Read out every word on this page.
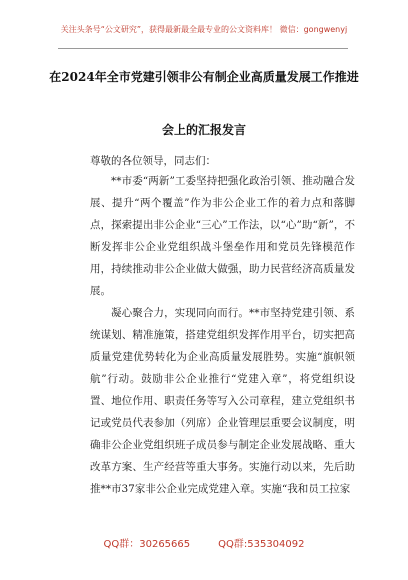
关注头条号“公文研究”，获得最新最全最专业的公文资料库！ 微信：gongwenyj
在2024年全市党建引领非公有制企业高质量发展工作推进
会上的汇报发言
尊敬的各位领导，同志们：

**市委“两新”工委坚持把强化政治引领、推动融合发展、提升“两个覆盖”作为非公企业工作的着力点和落脚点，探索提出非公企业“三心”工作法，以“心”助“新”，不断发挥非公企业党组织战斗堡垒作用和党员先锋模范作用，持续推动非公企业做大做强，助力民营经济高质量发展。

凝心聚合力，实现同向而行。**市坚持党建引领、系统谋划、精准施策，搭建党组织发挥作用平台，切实把高质量党建优势转化为企业高质量发展胜势。实施“旗帜领航”行动。鼓励非公企业推行“党建入章”，将党组织设置、地位作用、职责任务等写入公司章程，建立党组织书记或党员代表参加（列席）企业管理层重要会议制度，明确非公企业党组织班子成员参与制定企业发展战略、重大改革方案、生产经营等重大事务。实施行动以来，先后助推**市37家非公企业完成党建入章。实施“我和员工拉家

QQ群：30265665	QQ群:535304092
